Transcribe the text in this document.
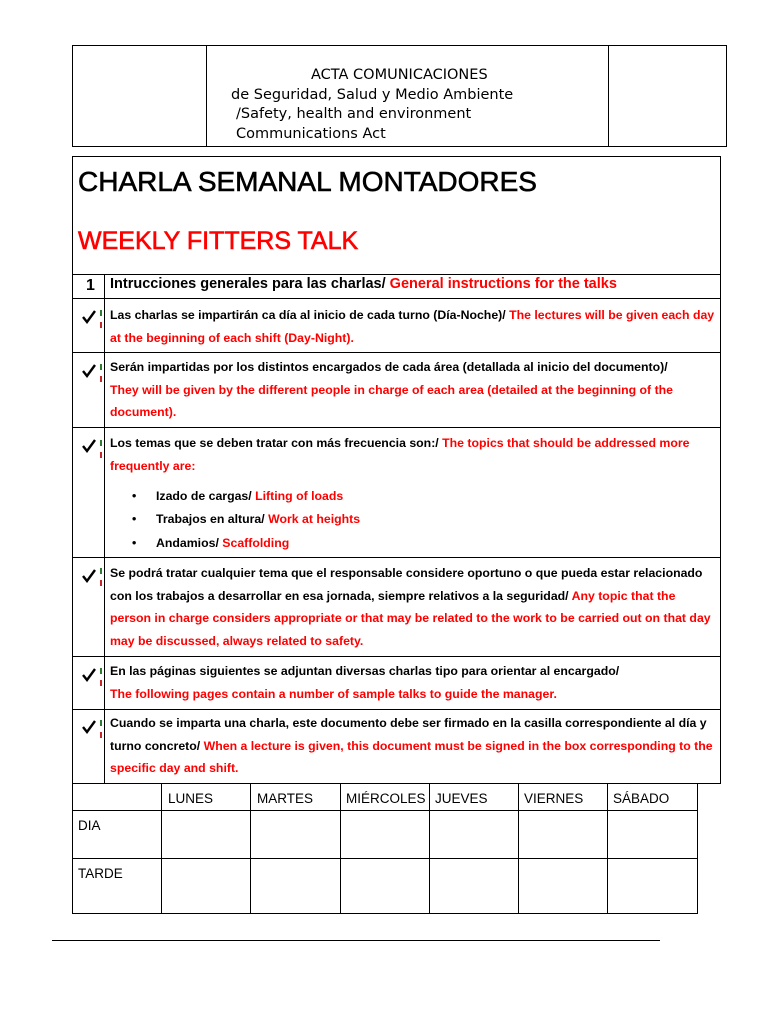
ACTA COMUNICACIONES
de Seguridad, Salud y Medio Ambiente
/Safety, health and environment
Communications Act
CHARLA SEMANAL MONTADORES
WEEKLY FITTERS TALK
1 Intrucciones generales para las charlas/ General instructions for the talks
Las charlas se impartirán ca día al inicio de cada turno (Día-Noche)/ The lectures will be given each day at the beginning of each shift (Day-Night).
Serán impartidas por los distintos encargados de cada área (detallada al inicio del documento)/
They will be given by the different people in charge of each area (detailed at the beginning of the document).
Los temas que se deben tratar con más frecuencia son:/ The topics that should be addressed more frequently are:
• Izado de cargas/ Lifting of loads
• Trabajos en altura/ Work at heights
• Andamios/ Scaffolding
Se podrá tratar cualquier tema que el responsable considere oportuno o que pueda estar relacionado con los trabajos a desarrollar en esa jornada, siempre relativos a la seguridad/ Any topic that the person in charge considers appropriate or that may be related to the work to be carried out on that day may be discussed, always related to safety.
En las páginas siguientes se adjuntan diversas charlas tipo para orientar al encargado/
The following pages contain a number of sample talks to guide the manager.
Cuando se imparta una charla, este documento debe ser firmado en la casilla correspondiente al día y turno concreto/ When a lecture is given, this document must be signed in the box corresponding to the specific day and shift.
LUNES	MARTES MIÉRCOLES JUEVES	VIERNES SÁBADO
DIA
TARDE
